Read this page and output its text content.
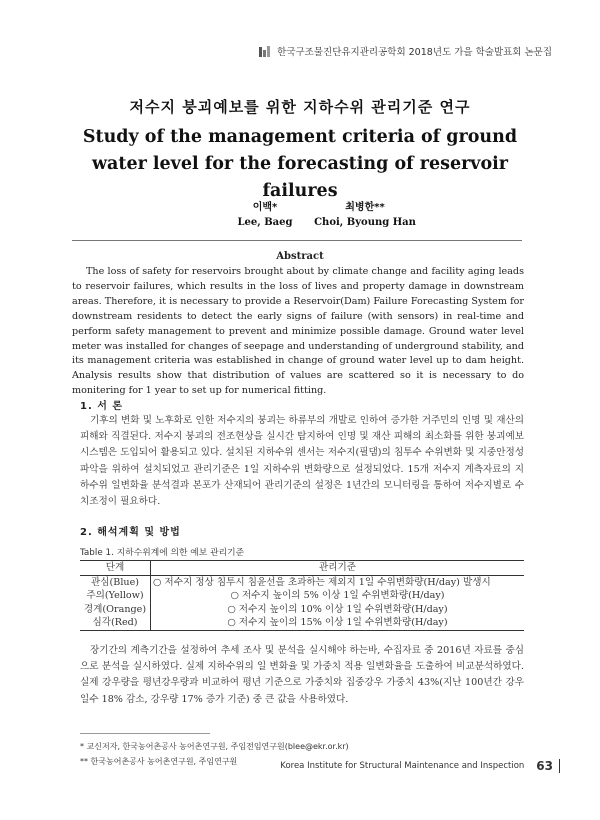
한국구조물진단유지관리공학회 2018년도 가을 학술발표회 논문집
저수지 붕괴예보를 위한 지하수위 관리기준 연구
Study of the management criteria of ground water level for the forecasting of reservoir failures
이백*
Lee, Baeg
최병한**
Choi, Byoung Han
Abstract
The loss of safety for reservoirs brought about by climate change and facility aging leads to reservoir failures, which results in the loss of lives and property damage in downstream areas. Therefore, it is necessary to provide a Reservoir(Dam) Failure Forecasting System for downstream residents to detect the early signs of failure (with sensors) in real-time and perform safety management to prevent and minimize possible damage. Ground water level meter was installed for changes of seepage and understanding of underground stability, and its management criteria was established in change of ground water level up to dam height. Analysis results show that distribution of values are scattered so it is necessary to do monitering for 1 year to set up for numerical fitting.
1. 서 론
기후의 변화 및 노후화로 인한 저수지의 붕괴는 하류부의 개발로 인하여 증가한 거주민의 인명 및 재산의 피해와 직결된다. 저수지 붕괴의 전조현상을 실시간 탐지하여 인명 및 재산 피해의 최소화를 위한 붕괴예보 시스템은 도입되어 활용되고 있다. 설치된 지하수위 센서는 저수지(필댐)의 침투수 수위변화 및 지중안정성 파악을 위하여 설치되었고 관리기준은 1일 지하수위 변화량으로 설정되었다. 15개 저수지 계측자료의 지하수위 일변화율 분석결과 본포가 산재되어 관리기준의 설정은 1년간의 모니터링을 통하여 저수지별로 수치조정이 필요하다.
2. 해석계획 및 방법
Table 1. 지하수위계에 의한 예보 관리기준
단계	관리기준
관심(Blue)	○ 저수지 정상 침투시 침윤선을 초과하는 제외지 1일 수위변화량(H/day) 발생시
주의(Yellow)	○ 저수지 높이의 5% 이상 1일 수위변화량(H/day)
경계(Orange)	○ 저수지 높이의 10% 이상 1일 수위변화량(H/day)
심각(Red)	○ 저수지 높이의 15% 이상 1일 수위변화량(H/day)
장기간의 계측기간을 설정하여 추세 조사 및 분석을 실시해야 하는바, 수집자료 중 2016년 자료를 중심으로 분석을 실시하였다. 실제 지하수위의 일 변화율 및 가중치 적용 일변화율을 도출하여 비교분석하였다. 실제 강우량을 평년강우량과 비교하여 평년 기준으로 가중치와 집중강우 가중치 43%(지난 100년간 강우일수 18% 감소, 강우량 17% 증가 기준) 중 큰 값을 사용하였다.
* 교신저자, 한국농어촌공사 농어촌연구원, 주임전임연구원(blee@ekr.or.kr)
** 한국농어촌공사 농어촌연구원, 주임연구원	Korea Institute for Structural Maintenance and Inspection 63
